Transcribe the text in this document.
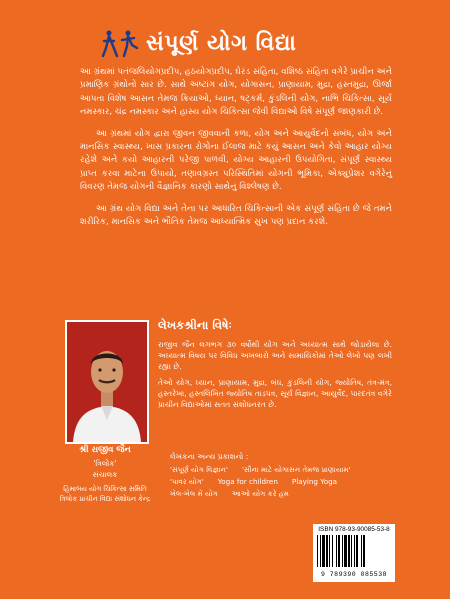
સંપૂર્ણ યોગ વિદ્યા

આ ગ્રંથમાં પતંજલિયોગપ્રદીપ, હઠયોગપ્રદીપ, ઘેરંડ સંહિતા, વશિષ્ઠ સંહિતા વગેરે પ્રાચીન અને પ્રમાણિક ગ્રંથોનો સાર છે. સાથે અષ્ટાંગ યોગ, યોગાસન, પ્રાણાયામ, મુદ્રા, હસ્તમુદ્રા, ઊર્જા આપતા વિશેષ આસન તેમજ ક્રિયાઓ, ધ્યાન, ષટ્કર્મ, કુંડલિની યોગ, નાભિ ચિકિત્સા, સૂર્ય નમસ્કાર, ચંદ્ર નમસ્કાર અને હાસ્ય યોગ ચિકિત્સા જેવી વિદ્યાઓ વિષે સંપૂર્ણ જાણકારી છે.

આ ગ્રંથમાં યોગ દ્વારા જીવન જીવવાની કળા, યોગ અને આયુર્વેદનો સંબંધ, યોગ અને માનસિક સ્વાસ્થ્ય, ખાસ પ્રકારના રોગોના ઈલાજ માટે કયું આસન અને કેવો આહાર યોગ્ય રહેશે અને કયો આહારની પરેજી પાળવી, યોગ્ય આહારની ઉપયોગિતા, સંપૂર્ણ સ્વાસ્થ્ય પ્રાપ્ત કરવા માટેના ઉપાયો, તણાવગ્રસ્ત પરિસ્થિતિમાં યોગની ભૂમિકા, એક્યુપ્રેશર વગેરેનું વિવરણ તેમજ યોગની વૈજ્ઞાનિક કારણો સાથેનું વિશ્લેષણ છે.

આ ગ્રંથ યોગ વિદ્યા અને તેના પર આધારિત ચિકિત્સાની એક સંપૂર્ણ સંહિતા છે જે તમને શરીરિક, માનસિક અને ભૌતિક તેમજ આધ્યાત્મિક સુખ પણ પ્રદાન કરશે.

શ્રી રાજીવ જૈન
'ત્રિલોક'
સંચાલક
હિમાલય યોગ ચિકિત્સા સમિતિ
ત્રિલોક પ્રાચીન વિદ્યા સંશોધન કેન્દ્ર
લેખકશ્રીના વિષેઃ

રાજીવ જૈન લગભગ ૩૦ વર્ષોથી યોગ અને અધ્યાત્મ સાથે જોડાયેલા છે. અધ્યાત્મ વિષય પર વિવિધ અખબારો અને સામાયિકોમાં તેઓ લેખો પણ લખી રહ્યા છે.

તેઓ યોગ, ધ્યાન, પ્રાણાયામ, મુદ્રા, બંધ, કુંડલિની યોગ, જ્યોતિષ, તંત્ર-મંત્ર, હસ્તરેખા, હસ્તલિખિત જ્યોતિષ તાડપત્ર, સૂર્ય વિજ્ઞાન, આયુર્વેદ, પારદતંત્ર વગેરે પ્રાચીન વિદ્યાઓમાં સતત સંશોધનરત છે.

લેખકના અન્ય પ્રકાશનો :
'સંપૂર્ણ યોગ વિજ્ઞાન' 'સૌના માટે યોગાસન તેમજ પ્રાણાયામ'
'પાવર યોગ' Yoga for children Playing Yoga
ખેલ-ખેલ મેં યોગ આઓ યોગ કરે હમ
ISBN 978-93-90085-53-8
9 789390 085538
